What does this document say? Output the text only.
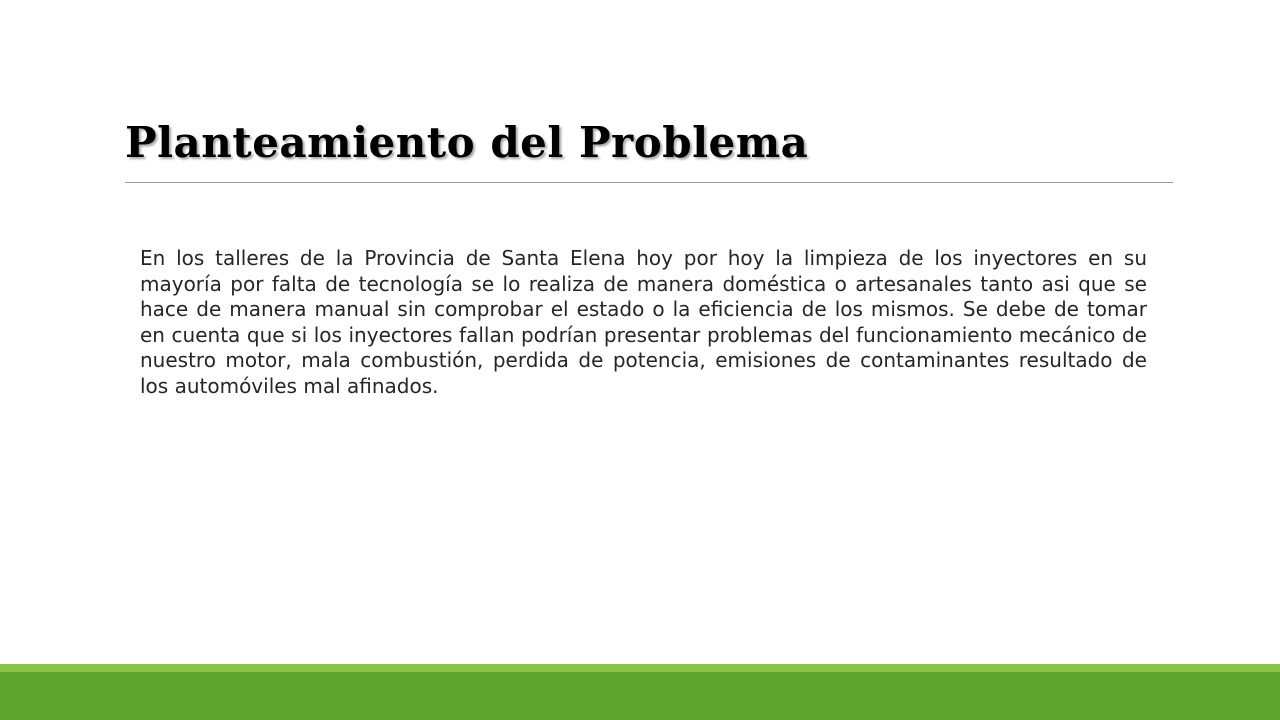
Planteamiento del Problema

En los talleres de la Provincia de Santa Elena hoy por hoy la limpieza de los inyectores en su mayoría por falta de tecnología se lo realiza de manera doméstica o artesanales tanto asi que se hace de manera manual sin comprobar el estado o la eficiencia de los mismos. Se debe de tomar en cuenta que si los inyectores fallan podrían presentar problemas del funcionamiento mecánico de nuestro motor, mala combustión, perdida de potencia, emisiones de contaminantes resultado de los automóviles mal afinados.
